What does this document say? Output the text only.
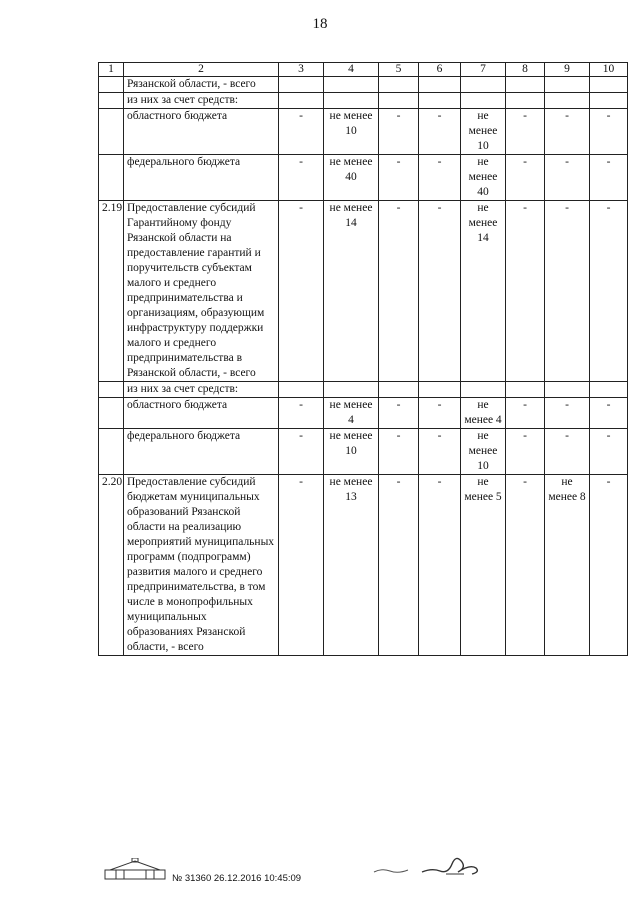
18
1	2	3	4	5	6	7	8	9	10
	Рязанской области, - всего								
	из них за счет средств:								
	областного бюджета	-	не менее 10	-	-	не менее 10	-	-	-
	федерального бюджета	-	не менее 40	-	-	не менее 40	-	-	-
2.19	Предоставление субсидий Гарантийному фонду Рязанской области на предоставление гарантий и поручительств субъектам малого и среднего предпринимательства и организациям, образующим инфраструктуру поддержки малого и среднего предпринимательства в Рязанской области, - всего	-	не менее 14	-	-	не менее 14	-	-	-
	из них за счет средств:								
	областного бюджета	-	не менее 4	-	-	не менее 4	-	-	-
	федерального бюджета	-	не менее 10	-	-	не менее 10	-	-	-
2.20	Предоставление субсидий бюджетам муниципальных образований Рязанской области на реализацию мероприятий муниципальных программ (подпрограмм) развития малого и среднего предпринимательства, в том числе в монопрофильных муниципальных образованиях Рязанской области, - всего	-	не менее 13	-	-	не менее 5	-	не менее 8	-
№ 31360 26.12.2016 10:45:09
